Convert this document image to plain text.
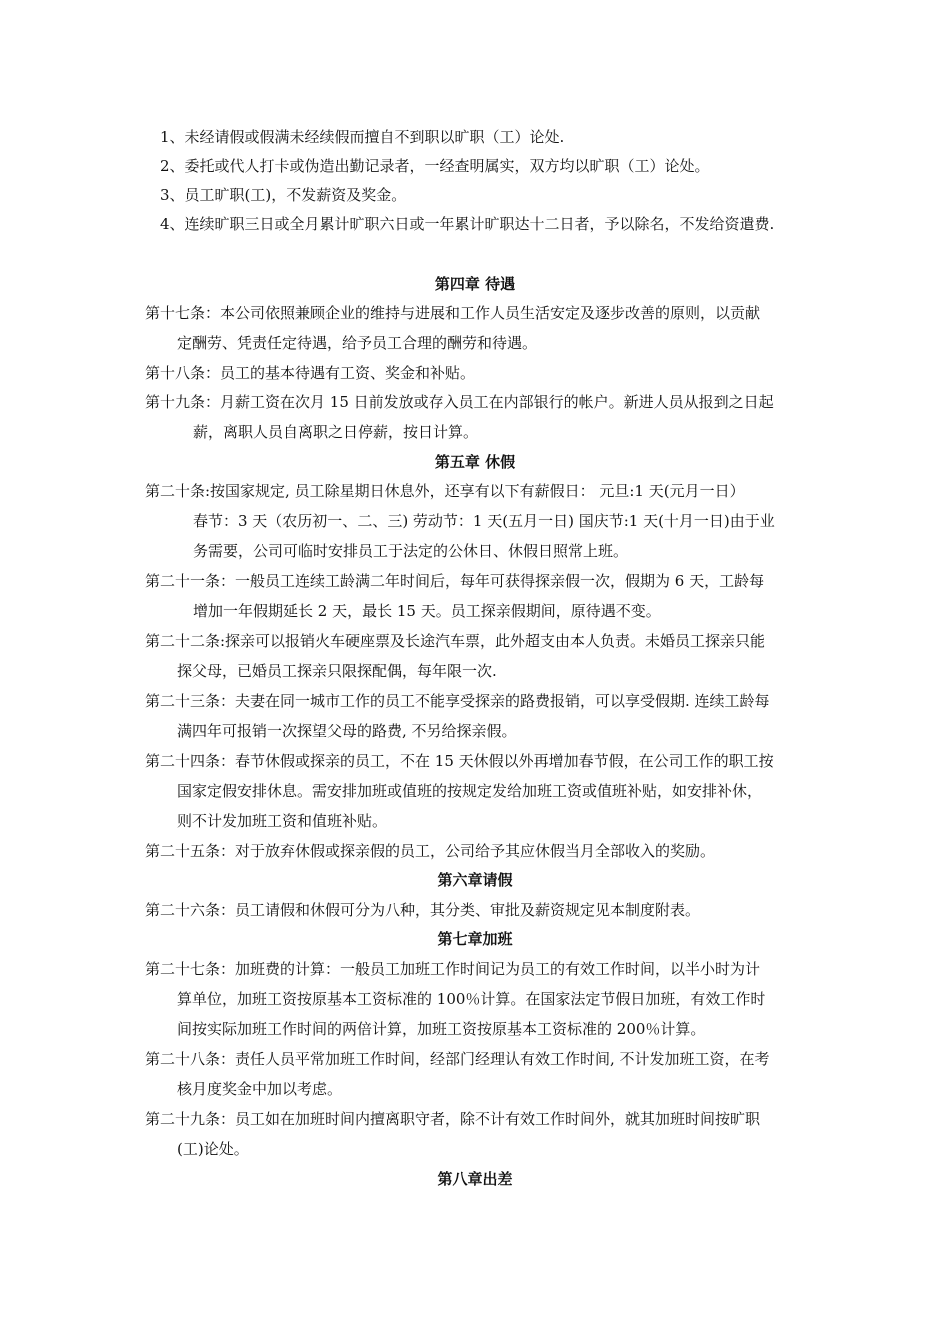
1、未经请假或假满未经续假而擅自不到职以旷职（工）论处.
2、委托或代人打卡或伪造出勤记录者，一经查明属实，双方均以旷职（工）论处。
3、员工旷职(工)，不发薪资及奖金。
4、连续旷职三日或全月累计旷职六日或一年累计旷职达十二日者，予以除名，不发给资遣费.
第四章 待遇
第十七条：本公司依照兼顾企业的维持与进展和工作人员生活安定及逐步改善的原则，以贡献
定酬劳、凭责任定待遇，给予员工合理的酬劳和待遇。
第十八条：员工的基本待遇有工资、奖金和补贴。
第十九条：月薪工资在次月 15 日前发放或存入员工在内部银行的帐户。新进人员从报到之日起
薪，离职人员自离职之日停薪，按日计算。
第五章 休假
第二十条:按国家规定, 员工除星期日休息外，还享有以下有薪假日： 元旦:1 天(元月一日）
春节：3 天（农历初一、二、三) 劳动节：1 天(五月一日) 国庆节:1 天(十月一日)由于业
务需要，公司可临时安排员工于法定的公休日、休假日照常上班。
第二十一条：一般员工连续工龄满二年时间后，每年可获得探亲假一次，假期为 6 天，工龄每
增加一年假期延长 2 天，最长 15 天。员工探亲假期间，原待遇不变。
第二十二条:探亲可以报销火车硬座票及长途汽车票，此外超支由本人负责。未婚员工探亲只能
探父母，已婚员工探亲只限探配偶，每年限一次.
第二十三条：夫妻在同一城市工作的员工不能享受探亲的路费报销，可以享受假期. 连续工龄每
满四年可报销一次探望父母的路费, 不另给探亲假。
第二十四条：春节休假或探亲的员工，不在 15 天休假以外再增加春节假，在公司工作的职工按
国家定假安排休息。需安排加班或值班的按规定发给加班工资或值班补贴，如安排补休，
则不计发加班工资和值班补贴。
第二十五条：对于放弃休假或探亲假的员工，公司给予其应休假当月全部收入的奖励。
第六章请假
第二十六条：员工请假和休假可分为八种，其分类、审批及薪资规定见本制度附表。
第七章加班
第二十七条：加班费的计算：一般员工加班工作时间记为员工的有效工作时间，以半小时为计
算单位，加班工资按原基本工资标准的 100％计算。在国家法定节假日加班，有效工作时
间按实际加班工作时间的两倍计算，加班工资按原基本工资标准的 200％计算。
第二十八条：责任人员平常加班工作时间，经部门经理认有效工作时间, 不计发加班工资，在考
核月度奖金中加以考虑。
第二十九条：员工如在加班时间内擅离职守者，除不计有效工作时间外，就其加班时间按旷职
(工)论处。
第八章出差
